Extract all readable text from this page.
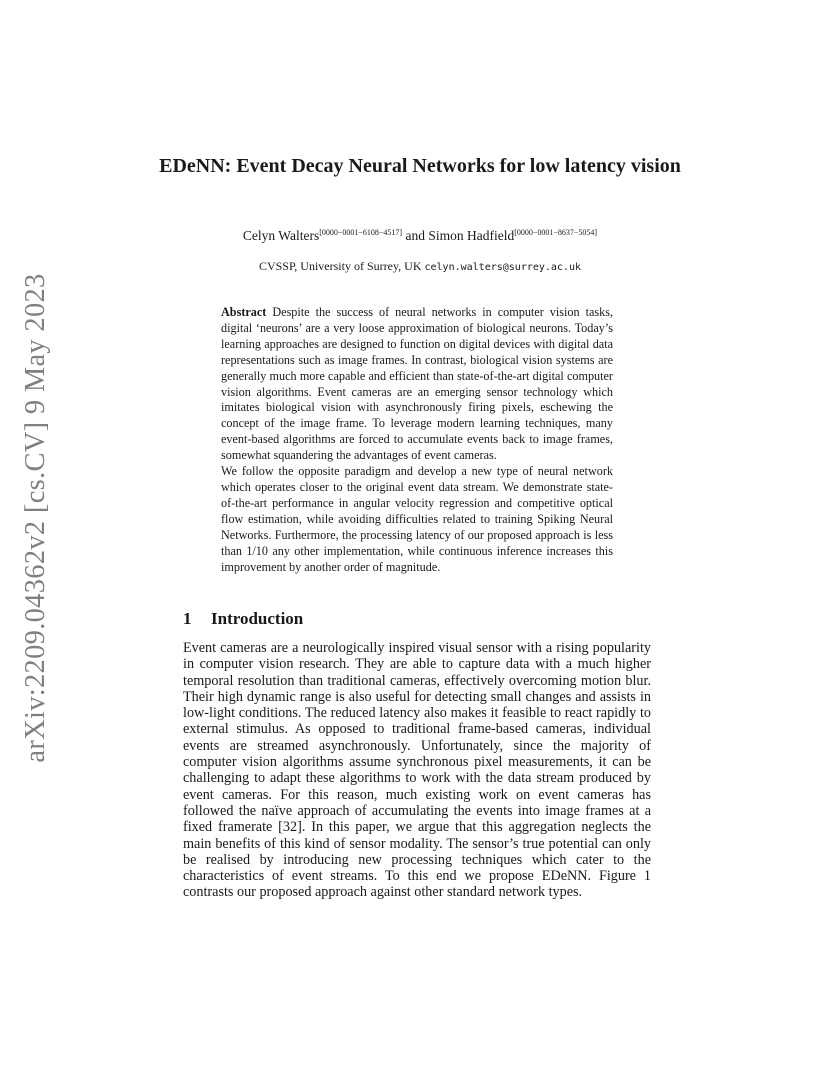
arXiv:2209.04362v2 [cs.CV] 9 May 2023
EDeNN: Event Decay Neural Networks for low latency vision
Celyn Walters[0000−0001−6108−4517] and Simon Hadfield[0000−0001−8637−5054]
CVSSP, University of Surrey, UK celyn.walters@surrey.ac.uk

Abstract Despite the success of neural networks in computer vision tasks, digital ‘neurons’ are a very loose approximation of biological neurons. Today’s learning approaches are designed to function on digital devices with digital data representations such as image frames. In contrast, biological vision systems are generally much more capable and efficient than state-of-the-art digital computer vision algorithms. Event cameras are an emerging sensor technology which imitates biological vision with asynchronously firing pixels, eschewing the concept of the image frame. To leverage modern learning techniques, many event-based algorithms are forced to accumulate events back to image frames, somewhat squandering the advantages of event cameras.

We follow the opposite paradigm and develop a new type of neural network which operates closer to the original event data stream. We demonstrate state-of-the-art performance in angular velocity regression and competitive optical flow estimation, while avoiding difficulties related to training Spiking Neural Networks. Furthermore, the processing latency of our proposed approach is less than 1/10 any other implementation, while continuous inference increases this improvement by another order of magnitude.

1 Introduction

Event cameras are a neurologically inspired visual sensor with a rising popularity in computer vision research. They are able to capture data with a much higher temporal resolution than traditional cameras, effectively overcoming motion blur. Their high dynamic range is also useful for detecting small changes and assists in low-light conditions. The reduced latency also makes it feasible to react rapidly to external stimulus. As opposed to traditional frame-based cameras, individual events are streamed asynchronously. Unfortunately, since the majority of computer vision algorithms assume synchronous pixel measurements, it can be challenging to adapt these algorithms to work with the data stream produced by event cameras. For this reason, much existing work on event cameras has followed the naïve approach of accumulating the events into image frames at a fixed framerate [32]. In this paper, we argue that this aggregation neglects the main benefits of this kind of sensor modality. The sensor’s true potential can only be realised by introducing new processing techniques which cater to the characteristics of event streams. To this end we propose EDeNN. Figure 1 contrasts our proposed approach against other standard network types.
